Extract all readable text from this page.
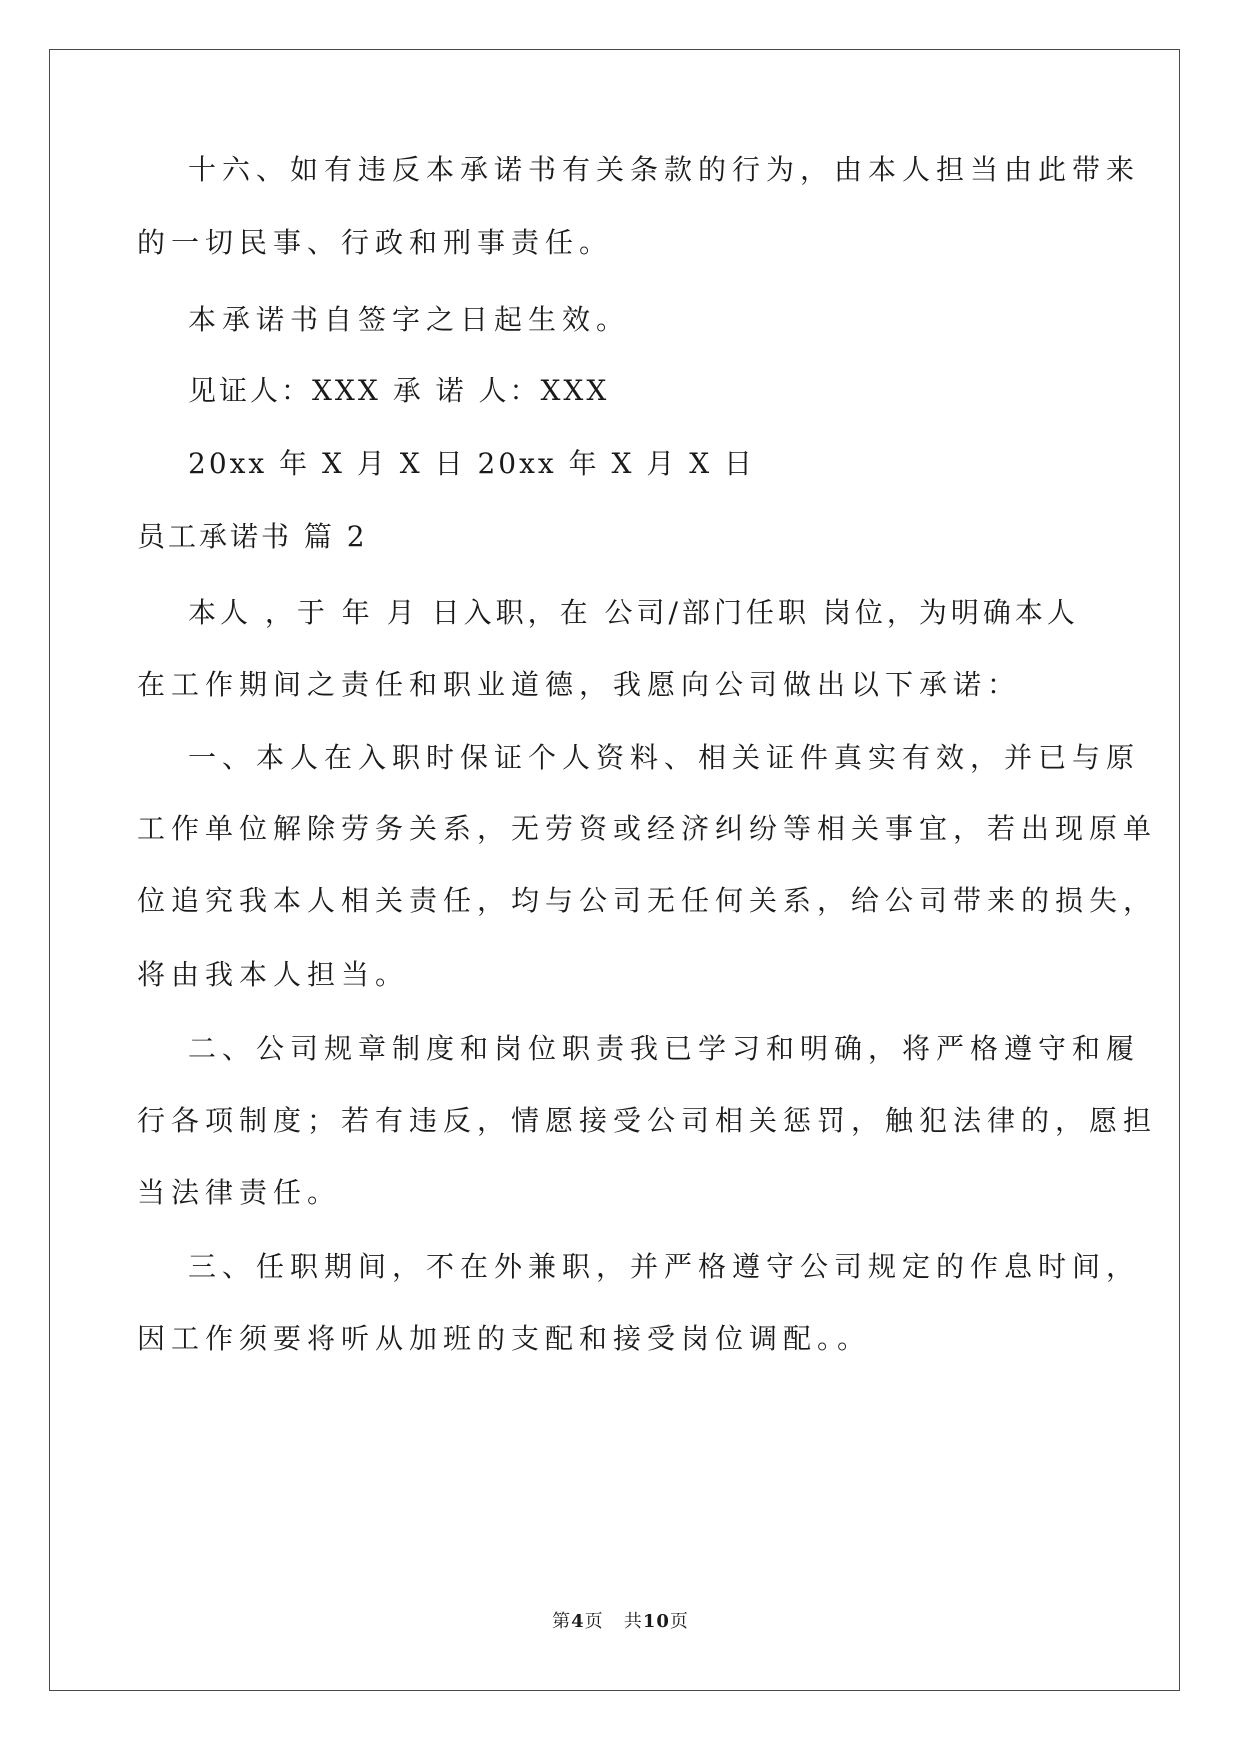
十六、如有违反本承诺书有关条款的行为，由本人担当由此带来
的一切民事、行政和刑事责任。
本承诺书自签字之日起生效。
见证人：XXX 承 诺 人：XXX
20xx 年 X 月 X 日 20xx 年 X 月 X 日
员工承诺书 篇 2
本人 ，于 年 月 日入职，在 公司/部门任职 岗位，为明确本人
在工作期间之责任和职业道德，我愿向公司做出以下承诺：
一、本人在入职时保证个人资料、相关证件真实有效，并已与原
工作单位解除劳务关系，无劳资或经济纠纷等相关事宜，若出现原单
位追究我本人相关责任，均与公司无任何关系，给公司带来的损失，
将由我本人担当。
二、公司规章制度和岗位职责我已学习和明确，将严格遵守和履
行各项制度；若有违反，情愿接受公司相关惩罚，触犯法律的，愿担
当法律责任。
三、任职期间，不在外兼职，并严格遵守公司规定的作息时间，
因工作须要将听从加班的支配和接受岗位调配。。
第4页 共10页
